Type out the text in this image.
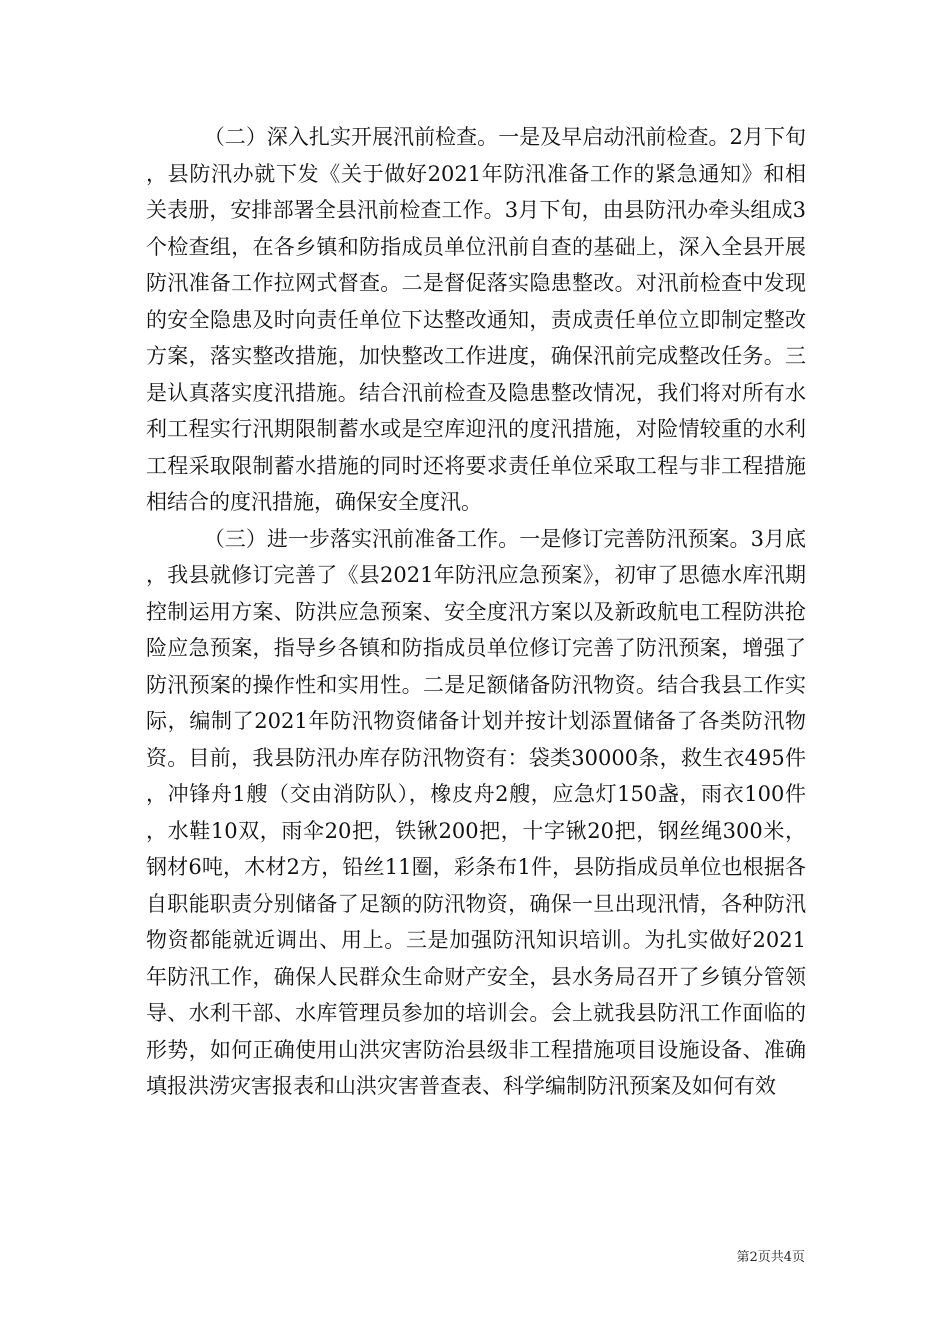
（二）深入扎实开展汛前检查。一是及早启动汛前检查。2月下旬，县防汛办就下发《关于做好2021年防汛准备工作的紧急通知》和相关表册，安排部署全县汛前检查工作。3月下旬，由县防汛办牵头组成3个检查组，在各乡镇和防指成员单位汛前自查的基础上，深入全县开展防汛准备工作拉网式督查。二是督促落实隐患整改。对汛前检查中发现的安全隐患及时向责任单位下达整改通知，责成责任单位立即制定整改方案，落实整改措施，加快整改工作进度，确保汛前完成整改任务。三是认真落实度汛措施。结合汛前检查及隐患整改情况，我们将对所有水利工程实行汛期限制蓄水或是空库迎汛的度汛措施，对险情较重的水利工程采取限制蓄水措施的同时还将要求责任单位采取工程与非工程措施相结合的度汛措施，确保安全度汛。

（三）进一步落实汛前准备工作。一是修订完善防汛预案。3月底，我县就修订完善了《县2021年防汛应急预案》，初审了思德水库汛期控制运用方案、防洪应急预案、安全度汛方案以及新政航电工程防洪抢险应急预案，指导乡各镇和防指成员单位修订完善了防汛预案，增强了防汛预案的操作性和实用性。二是足额储备防汛物资。结合我县工作实际，编制了2021年防汛物资储备计划并按计划添置储备了各类防汛物资。目前，我县防汛办库存防汛物资有：袋类30000条，救生衣495件，冲锋舟1艘（交由消防队），橡皮舟2艘，应急灯150盏，雨衣100件，水鞋10双，雨伞20把，铁锹200把，十字锹20把，钢丝绳300米，钢材6吨，木材2方，铅丝11圈，彩条布1件，县防指成员单位也根据各自职能职责分别储备了足额的防汛物资，确保一旦出现汛情，各种防汛物资都能就近调出、用上。三是加强防汛知识培训。为扎实做好2021年防汛工作，确保人民群众生命财产安全，县水务局召开了乡镇分管领导、水利干部、水库管理员参加的培训会。会上就我县防汛工作面临的形势，如何正确使用山洪灾害防治县级非工程措施项目设施设备、准确填报洪涝灾害报表和山洪灾害普查表、科学编制防汛预案及如何有效

第2页共4页
